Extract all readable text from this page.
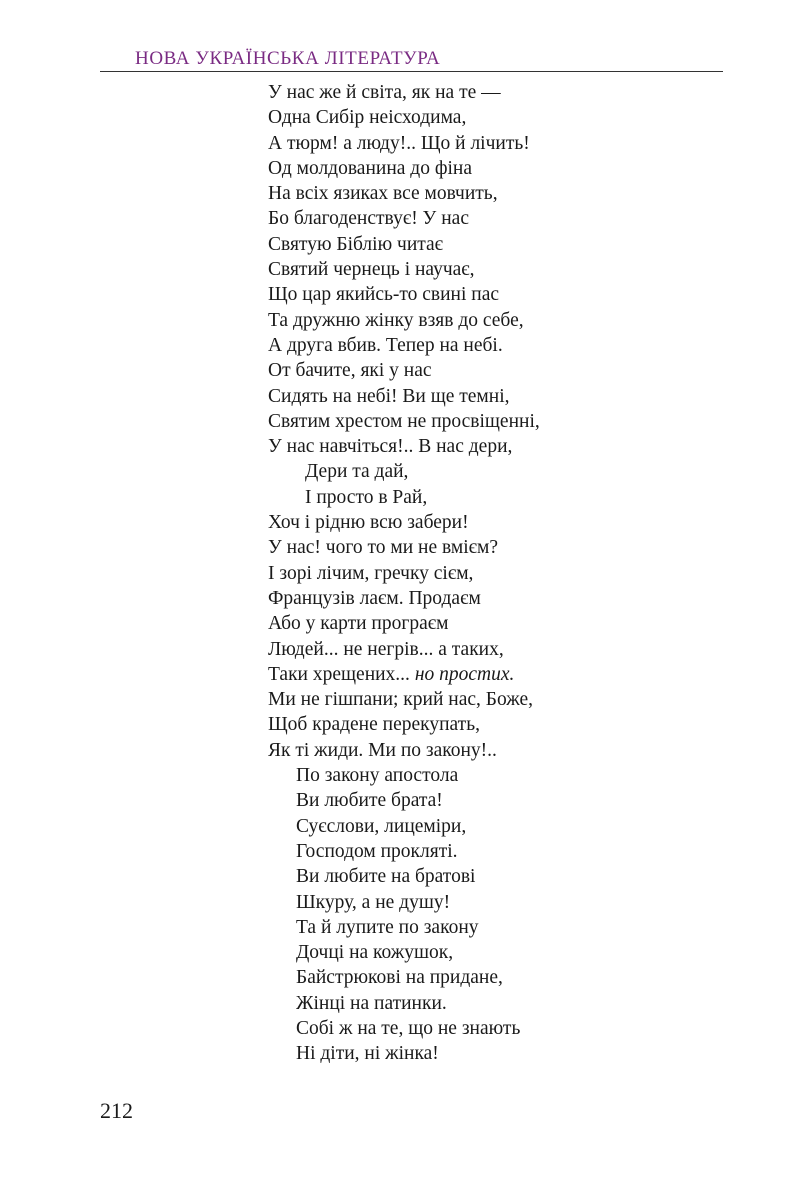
НОВА УКРАЇНСЬКА ЛІТЕРАТУРА
У нас же й світа, як на те —
Одна Сибір неісходима,
А тюрм! а люду!.. Що й лічить!
Од молдованина до фіна
На всіх язиках все мовчить,
Бо благоденствує! У нас
Святую Біблію читає
Святий чернець і научає,
Що цар якийсь-то свині пас
Та дружню жінку взяв до себе,
А друга вбив. Тепер на небі.
От бачите, які у нас
Сидять на небі! Ви ще темні,
Святим хрестом не просвіщенні,
У нас навчіться!.. В нас дери,
Дери та дай,
І просто в Рай,
Хоч і рідню всю забери!
У нас! чого то ми не вмієм?
І зорі лічим, гречку сієм,
Французів лаєм. Продаєм
Або у карти програєм
Людей... не негрів... а таких,
Таки хрещених... но простих.
Ми не гішпани; крий нас, Боже,
Щоб крадене перекупать,
Як ті жиди. Ми по закону!..
По закону апостола
Ви любите брата!
Суєслови, лицеміри,
Господом прокляті.
Ви любите на братові
Шкуру, а не душу!
Та й лупите по закону
Дочці на кожушок,
Байстрюкові на придане,
Жінці на патинки.
Собі ж на те, що не знають
Ні діти, ні жінка!
212
